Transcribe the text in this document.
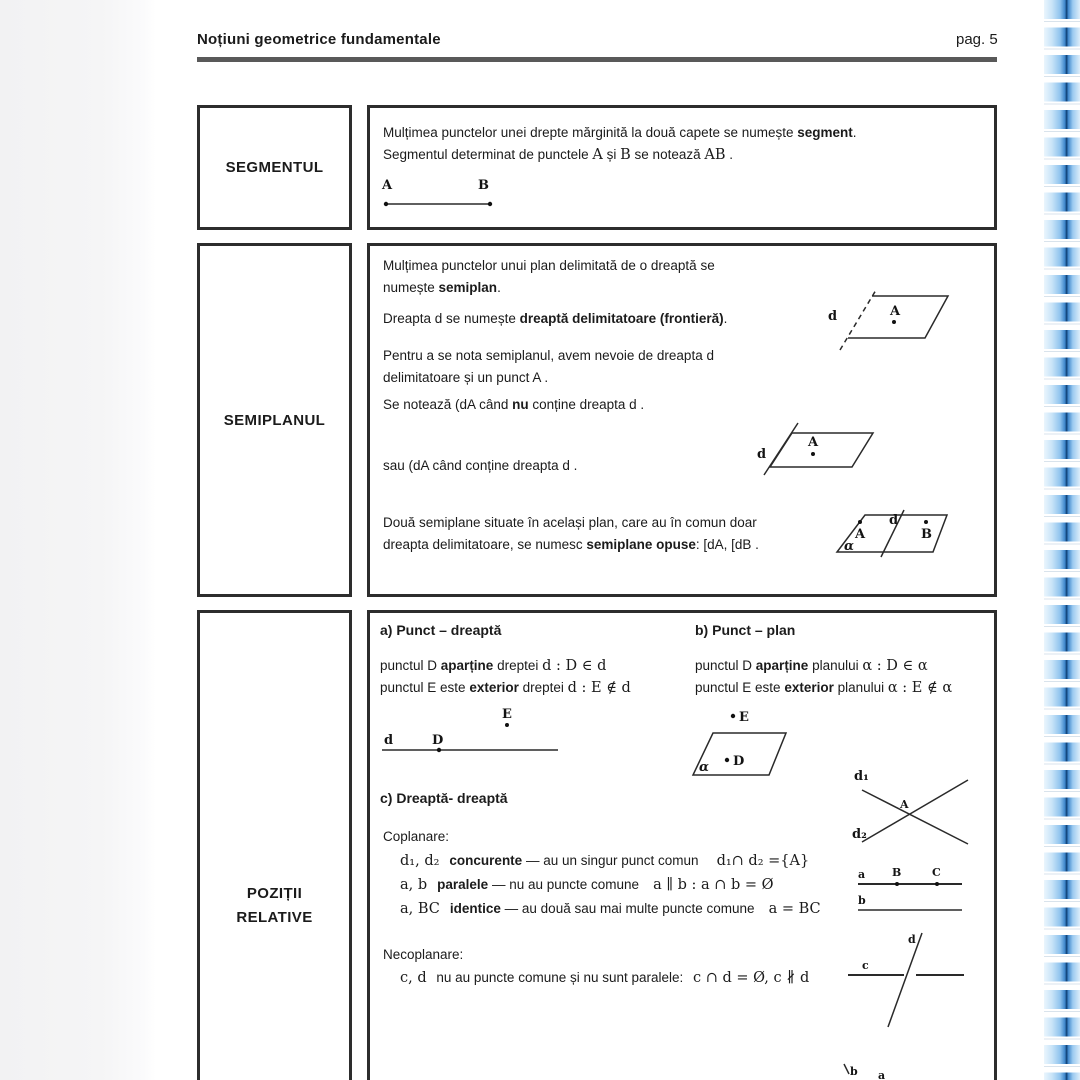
Noțiuni geometrice fundamentale	pag. 5
SEGMENTUL
Mulțimea punctelor unei drepte mărginită la două capete se numește segment.
Segmentul determinat de punctele A și B se notează AB .
A	B
SEMIPLANUL
Mulțimea punctelor unui plan delimitată de o dreaptă se
numește semiplan.
Dreapta d se numește dreaptă delimitatoare (frontieră).
Pentru a se nota semiplanul, avem nevoie de dreapta d
delimitatoare și un punct A .
Se notează (dA când nu conține dreapta d .
sau (dA când conține dreapta d .
Două semiplane situate în același plan, care au în comun doar
dreapta delimitatoare, se numesc semiplane opuse: [dA, [dB .
d	A
d
A
d
α
A	B
POZIȚII
RELATIVE
a) Punct – dreaptă	b) Punct – plan
punctul D aparține dreptei d : D ∈ d
punctul E este exterior dreptei d : E ∉ d
punctul D aparține planului α : D ∈ α
punctul E este exterior planului α : E ∉ α
E
d	D
E
α D
d₁
d₂
A
c) Dreaptă- dreaptă
Coplanare:
d₁, d₂ concurente — au un singur punct comun d₁∩ d₂ ={A}
a, b paralele — nu au puncte comune a ∥ b : a ∩ b = Ø
a, BC identice — au două sau mai multe puncte comune a = BC
a B	C
b
Necoplanare:
c, d nu au puncte comune și nu sunt paralele: c ∩ d = Ø, c ∦ d
c
d
b a
